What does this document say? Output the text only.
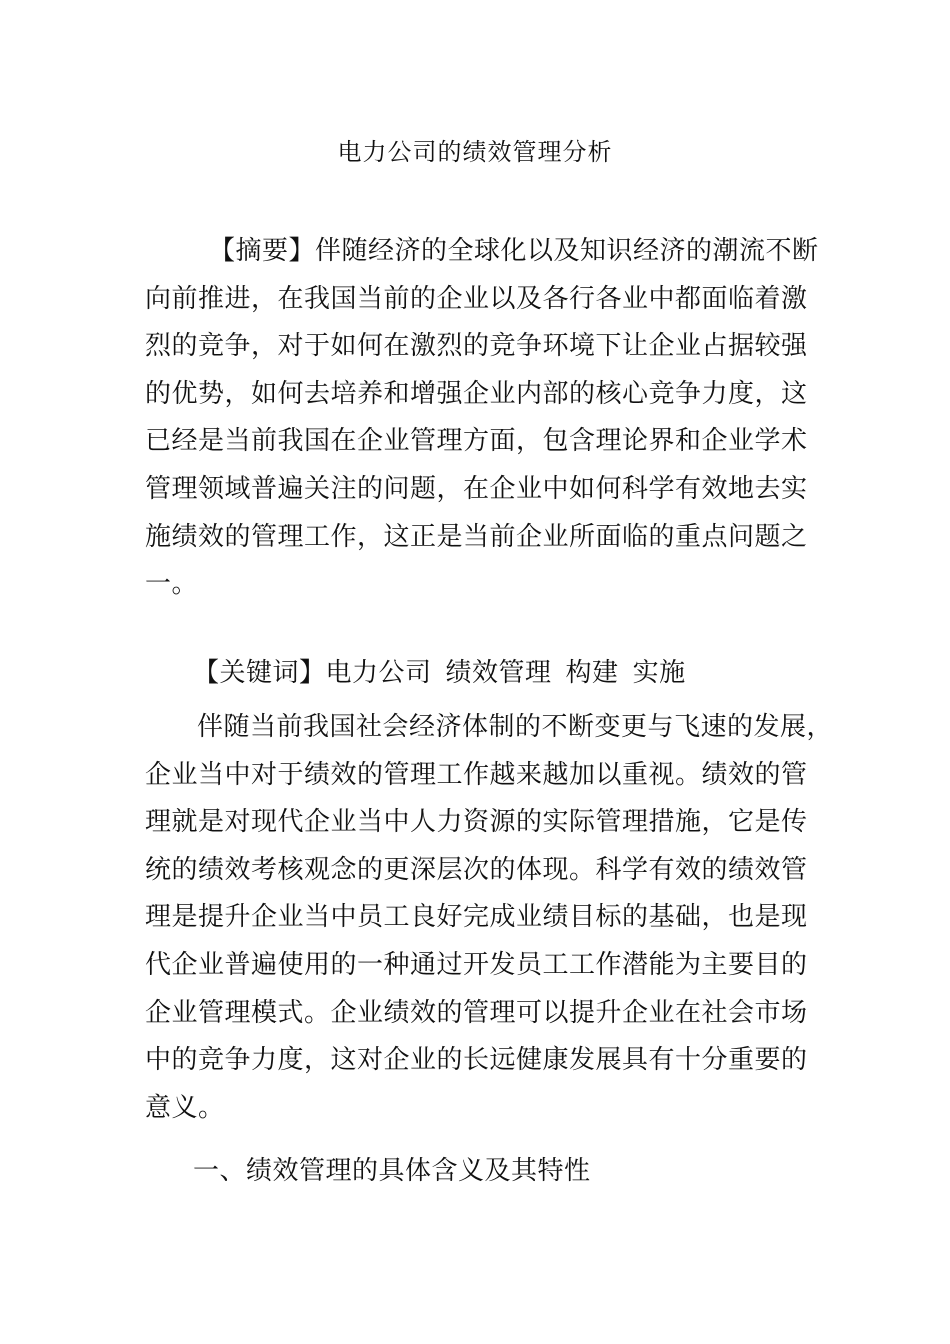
电力公司的绩效管理分析
【摘要】伴随经济的全球化以及知识经济的潮流不断
向前推进，在我国当前的企业以及各行各业中都面临着激
烈的竞争，对于如何在激烈的竞争环境下让企业占据较强
的优势，如何去培养和增强企业内部的核心竞争力度，这
已经是当前我国在企业管理方面，包含理论界和企业学术
管理领域普遍关注的问题，在企业中如何科学有效地去实
施绩效的管理工作，这正是当前企业所面临的重点问题之
一。
【关键词】电力公司 绩效管理 构建 实施
伴随当前我国社会经济体制的不断变更与飞速的发展，
企业当中对于绩效的管理工作越来越加以重视。绩效的管
理就是对现代企业当中人力资源的实际管理措施，它是传
统的绩效考核观念的更深层次的体现。科学有效的绩效管
理是提升企业当中员工良好完成业绩目标的基础，也是现
代企业普遍使用的一种通过开发员工工作潜能为主要目的
企业管理模式。企业绩效的管理可以提升企业在社会市场
中的竞争力度，这对企业的长远健康发展具有十分重要的
意义。
一、绩效管理的具体含义及其特性
